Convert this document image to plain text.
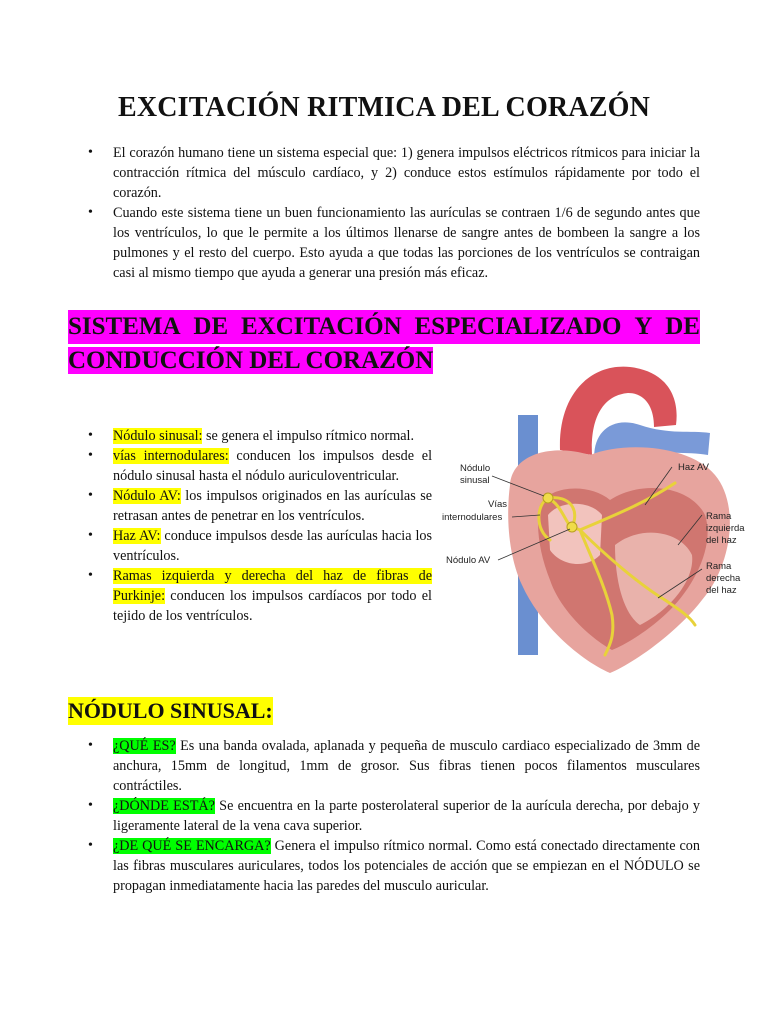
EXCITACIÓN RITMICA DEL CORAZÓN
• El corazón humano tiene un sistema especial que: 1) genera impulsos eléctricos rítmicos para iniciar la contracción rítmica del músculo cardíaco, y 2) conduce estos estímulos rápidamente por todo el corazón.
• Cuando este sistema tiene un buen funcionamiento las aurículas se contraen 1/6 de segundo antes que los ventrículos, lo que le permite a los últimos llenarse de sangre antes de bombeen la sangre a los pulmones y el resto del cuerpo. Esto ayuda a que todas las porciones de los ventrículos se contraigan casi al mismo tiempo que ayuda a generar una presión más eficaz.
SISTEMA DE EXCITACIÓN ESPECIALIZADO Y DE
CONDUCCIÓN DEL CORAZÓN
• Nódulo sinusal: se genera el impulso rítmico normal.
• vías internodulares: conducen los impulsos desde el nódulo sinusal hasta el nódulo auriculoventricular.
• Nódulo AV: los impulsos originados en las aurículas se retrasan antes de penetrar en los ventrículos.
• Haz AV: conduce impulsos desde las aurículas hacia los ventrículos.
• Ramas izquierda y derecha del haz de fibras de Purkinje: conducen los impulsos cardíacos por todo el tejido de los ventrículos.
Nódulo
sinusal
Vías
internodulares
Nódulo AV
Haz AV
Rama
izquierda
del haz
Rama
derecha
del haz
NÓDULO SINUSAL:
• ¿QUÉ ES? Es una banda ovalada, aplanada y pequeña de musculo cardiaco especializado de 3mm de anchura, 15mm de longitud, 1mm de grosor. Sus fibras tienen pocos filamentos musculares contráctiles.
• ¿DÓNDE ESTÁ? Se encuentra en la parte posterolateral superior de la aurícula derecha, por debajo y ligeramente lateral de la vena cava superior.
• ¿DE QUÉ SE ENCARGA? Genera el impulso rítmico normal. Como está conectado directamente con las fibras musculares auriculares, todos los potenciales de acción que se empiezan en el NÓDULO se propagan inmediatamente hacia las paredes del musculo auricular.
